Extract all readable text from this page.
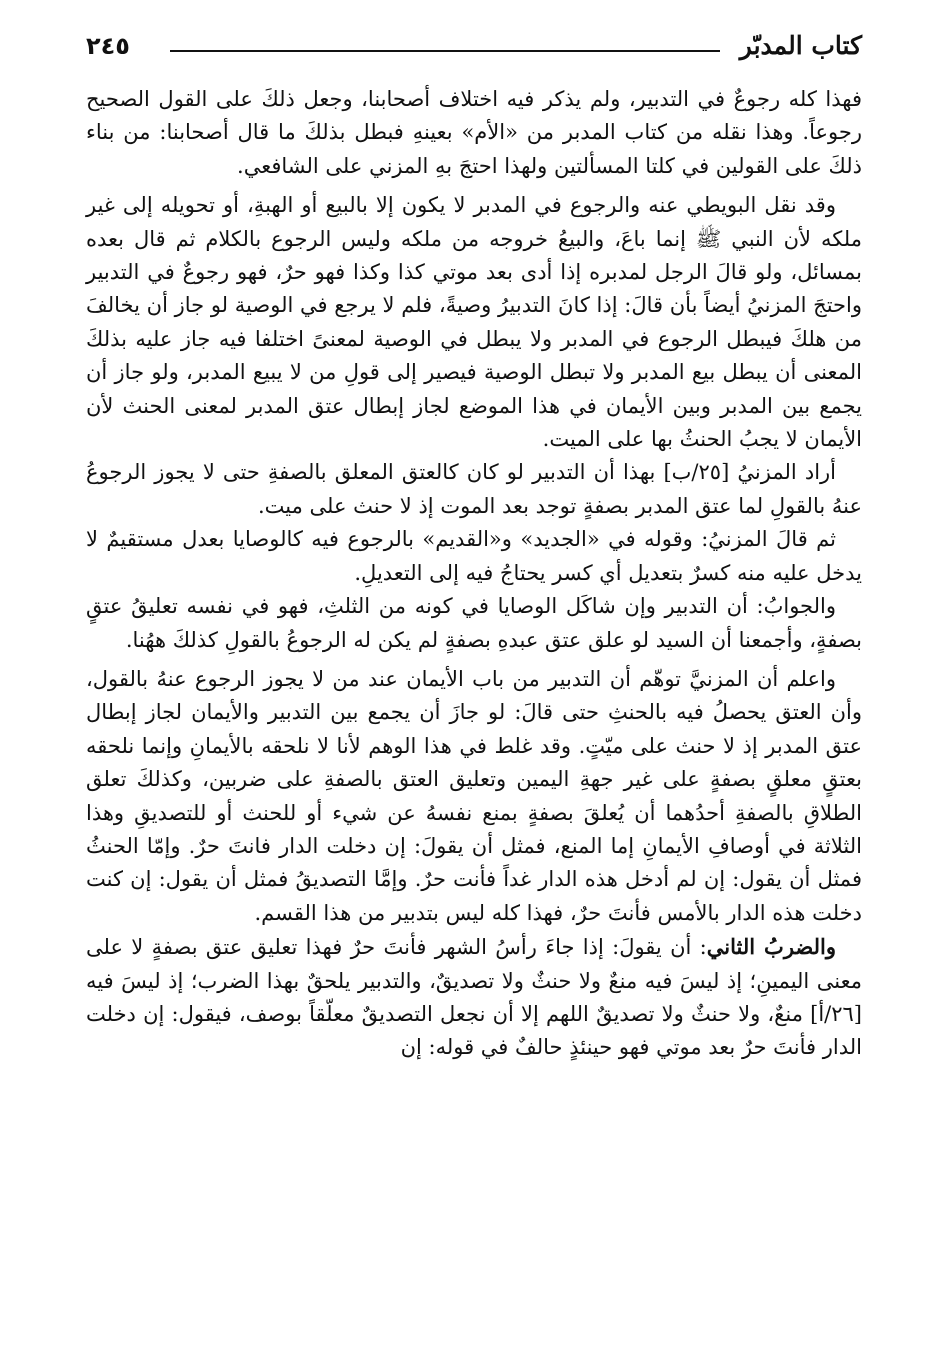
كتاب المدبّر
٢٤٥

فهذا كله رجوعٌ في التدبير، ولم يذكر فيه اختلاف أصحابنا، وجعل ذلكَ على القول الصحيح رجوعاً. وهذا نقله من كتاب المدبر من «الأم» بعينهِ فبطل بذلكَ ما قال أصحابنا: من بناء ذلكَ على القولين في كلتا المسألتين ولهذا احتجَ بهِ المزني على الشافعي.

وقد نقل البويطي عنه والرجوع في المدبر لا يكون إلا بالبيع أو الهبةِ، أو تحويله إلى غير ملكه لأن النبي ﷺ إنما باعَ، والبيعُ خروجه من ملكه وليس الرجوع بالكلام ثم قال بعده بمسائل، ولو قالَ الرجل لمدبره إذا أدى بعد موتي كذا وكذا فهو حرٌ، فهو رجوعٌ في التدبير واحتجَ المزنيُ أيضاً بأن قالَ: إذا كانَ التدبيرُ وصيةً، فلم لا يرجع في الوصية لو جاز أن يخالفَ من هلكَ فيبطل الرجوع في المدبر ولا يبطل في الوصية لمعنىً اختلفا فيه جاز عليه بذلكَ المعنى أن يبطل بيع المدبر ولا تبطل الوصية فيصير إلى قولِ من لا يبيع المدبر، ولو جاز أن يجمع بين المدبر وبين الأيمان في هذا الموضع لجاز إبطال عتق المدبر لمعنى الحنث لأن الأيمان لا يجبُ الحنثُ بها على الميت.

أراد المزنيُ [٢٥/ب] بهذا أن التدبير لو كان كالعتق المعلق بالصفةِ حتى لا يجوز الرجوعُ عنهُ بالقولِ لما عتق المدبر بصفةٍ توجد بعد الموت إذ لا حنث على ميت.

ثم قالَ المزنيُ: وقوله في «الجديد» و«القديم» بالرجوع فيه كالوصايا بعدل مستقيمٌ لا يدخل عليه منه كسرٌ بتعديل أي كسر يحتاجُ فيه إلى التعديلِ.

والجوابُ: أن التدبير وإن شاكَل الوصايا في كونه من الثلثِ، فهو في نفسه تعليقُ عتقٍ بصفةٍ، وأجمعنا أن السيد لو علق عتق عبدهِ بصفةٍ لم يكن له الرجوعُ بالقولِ كذلكَ ههُنا.

واعلم أن المزنيَّ توهّم أن التدبير من باب الأيمان عند من لا يجوز الرجوع عنهُ بالقول، وأن العتق يحصلُ فيه بالحنثِ حتى قالَ: لو جازَ أن يجمع بين التدبير والأيمان لجاز إبطال عتق المدبر إذ لا حنث على ميّتٍ. وقد غلط في هذا الوهم لأنا لا نلحقه بالأيمانِ وإنما نلحقه بعتقٍ معلقٍ بصفةٍ على غير جهةِ اليمين وتعليق العتق بالصفةِ على ضربين، وكذلكَ تعلق الطلاقِ بالصفةِ أحدُهما أن يُعلقَ بصفةٍ بمنع نفسهُ عن شيء أو للحنث أو للتصديقِ وهذا الثلاثة في أوصافِ الأيمانِ إما المنع، فمثل أن يقولَ: إن دخلت الدار فانتَ حرٌ. وإمّا الحنثُ فمثل أن يقول: إن لم أدخل هذه الدار غداً فأنت حرٌ. وإمَّا التصديقُ فمثل أن يقول: إن كنت دخلت هذه الدار بالأمس فأنتَ حرٌ، فهذا كله ليس بتدبير من هذا القسم.

والضربُ الثاني: أن يقولَ: إذا جاءَ رأسُ الشهر فأنتَ حرٌ فهذا تعليق عتق بصفةٍ لا على معنى اليمينِ؛ إذ ليسَ فيه منعٌ ولا حنثٌ ولا تصديقٌ، والتدبير يلحقٌ بهذا الضرب؛ إذ ليسَ فيه [٢٦/أ] منعٌ، ولا حنثٌ ولا تصديقٌ اللهم إلا أن نجعل التصديقٌ معلّقاً بوصف، فيقول: إن دخلت الدار فأنتَ حرٌ بعد موتي فهو حينئذٍ حالفٌ في قوله: إن
